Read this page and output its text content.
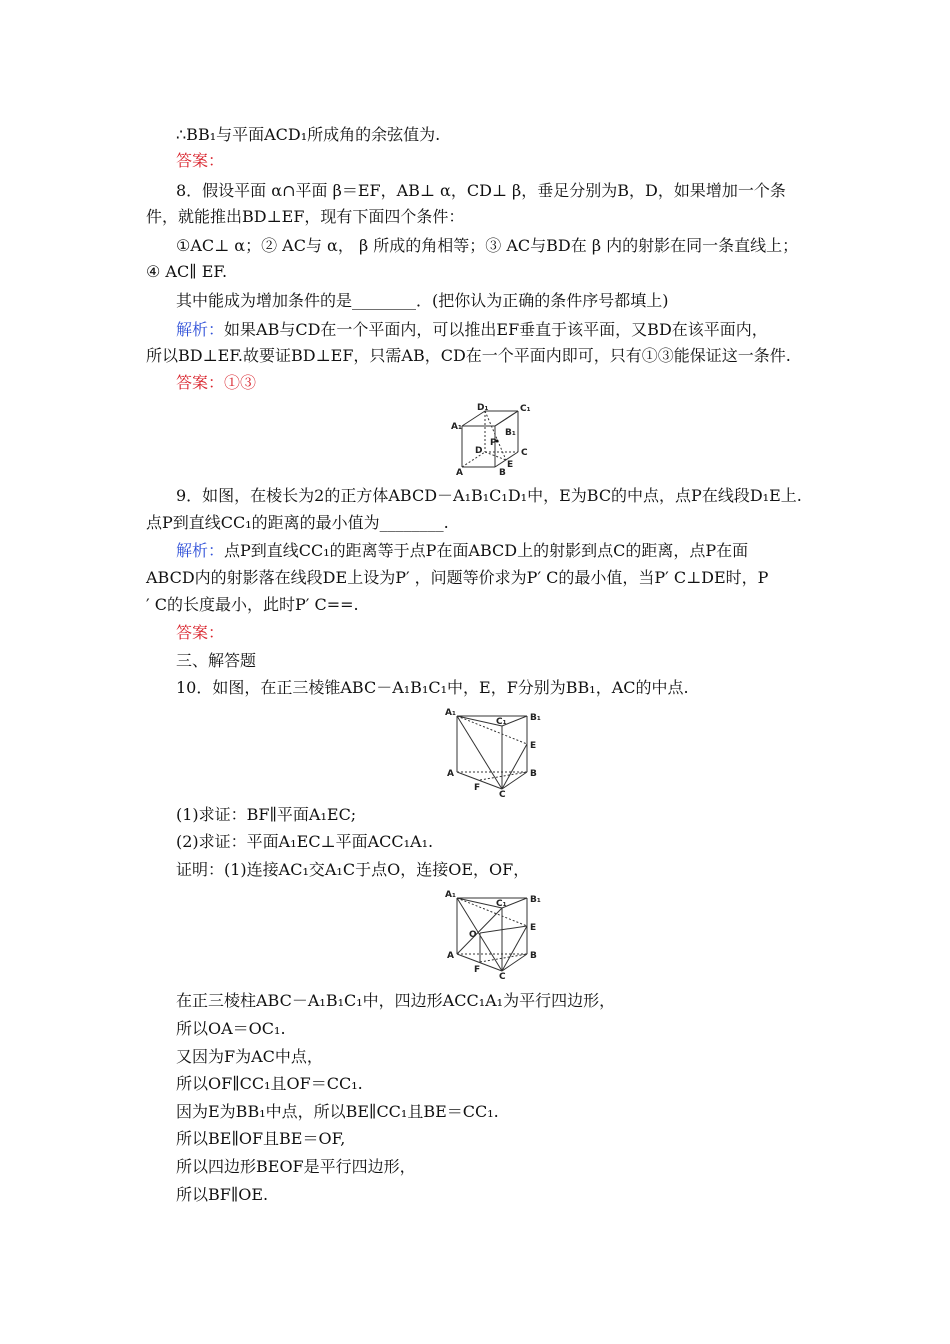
∴BB₁与平面ACD₁所成角的余弦值为.
答案：
8．假设平面 α∩平面 β＝EF，AB⊥ α，CD⊥ β，垂足分别为B，D，如果增加一个条
件，就能推出BD⊥EF，现有下面四个条件：
①AC⊥ α；② AC与 α， β 所成的角相等；③ AC与BD在 β 内的射影在同一条直线上；
④ AC∥ EF.
其中能成为增加条件的是________．(把你认为正确的条件序号都填上)
解析：如果AB与CD在一个平面内，可以推出EF垂直于该平面，又BD在该平面内，
所以BD⊥EF.故要证BD⊥EF，只需AB，CD在一个平面内即可，只有①③能保证这一条件.
答案：①③
D₁	C₁
A₁
B₁
P
D	C
A
E
B
9．如图，在棱长为2的正方体ABCD－A₁B₁C₁D₁中，E为BC的中点，点P在线段D₁E上.
点P到直线CC₁的距离的最小值为________.
解析：点P到直线CC₁的距离等于点P在面ABCD上的射影到点C的距离，点P在面
ABCD内的射影落在线段DE上设为P′ ，问题等价求为P′ C的最小值，当P′ C⊥DE时，P
′ C的长度最小，此时P′ C==.
答案：
三、解答题
10．如图，在正三棱锥ABC－A₁B₁C₁中，E，F分别为BB₁，AC的中点.
A₁
C₁	B₁
E
A	B
F
C
(1)求证：BF∥平面A₁EC;
(2)求证：平面A₁EC⊥平面ACC₁A₁.
证明：(1)连接AC₁交A₁C于点O，连接OE，OF，
A₁
C₁	B₁
O
E
A	B
F
C
在正三棱柱ABC－A₁B₁C₁中，四边形ACC₁A₁为平行四边形，
所以OA＝OC₁.
又因为F为AC中点，
所以OF∥CC₁且OF＝CC₁.
因为E为BB₁中点，所以BE∥CC₁且BE＝CC₁.
所以BE∥OF且BE＝OF,
所以四边形BEOF是平行四边形，
所以BF∥OE.
